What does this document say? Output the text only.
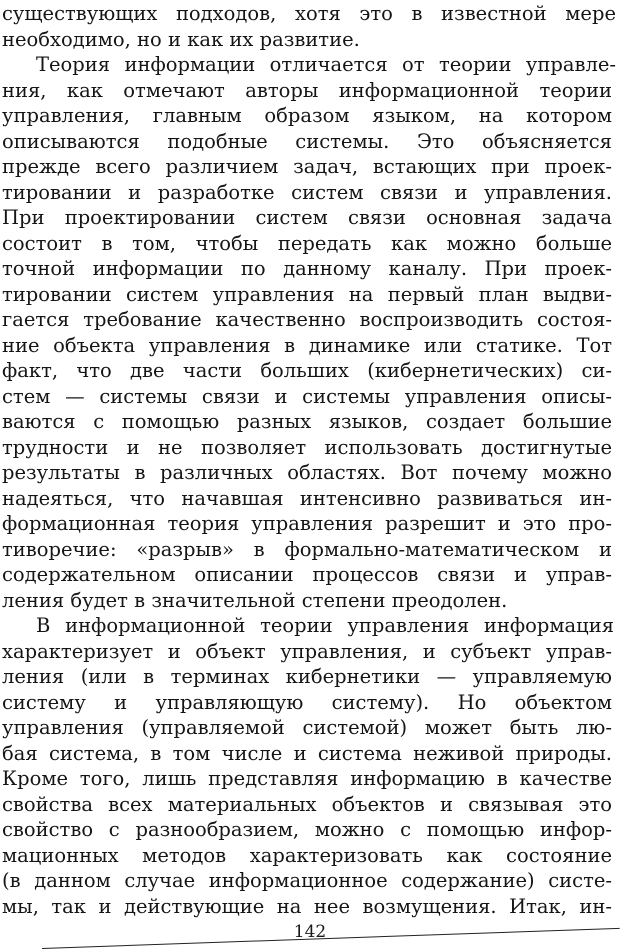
существующих подходов, хотя это в известной мере
необходимо, но и как их развитие.
Теория информации отличается от теории управле-
ния, как отмечают авторы информационной теории
управления, главным образом языком, на котором
описываются подобные системы. Это объясняется
прежде всего различием задач, встающих при проек-
тировании и разработке систем связи и управления.
При проектировании систем связи основная задача
состоит в том, чтобы передать как можно больше
точной информации по данному каналу. При проек-
тировании систем управления на первый план выдви-
гается требование качественно воспроизводить состоя-
ние объекта управления в динамике или статике. Тот
факт, что две части больших (кибернетических) си-
стем — системы связи и системы управления описы-
ваются с помощью разных языков, создает большие
трудности и не позволяет использовать достигнутые
результаты в различных областях. Вот почему можно
надеяться, что начавшая интенсивно развиваться ин-
формационная теория управления разрешит и это про-
тиворечие: «разрыв» в формально-математическом и
содержательном описании процессов связи и управ-
ления будет в значительной степени преодолен.
В информационной теории управления информация
характеризует и объект управления, и субъект управ-
ления (или в терминах кибернетики — управляемую
систему и управляющую систему). Но объектом
управления (управляемой системой) может быть лю-
бая система, в том числе и система неживой природы.
Кроме того, лишь представляя информацию в качестве
свойства всех материальных объектов и связывая это
свойство с разнообразием, можно с помощью инфор-
мационных методов характеризовать как состояние
(в данном случае информационное содержание) систе-
мы, так и действующие на нее возмущения. Итак, ин-
142
